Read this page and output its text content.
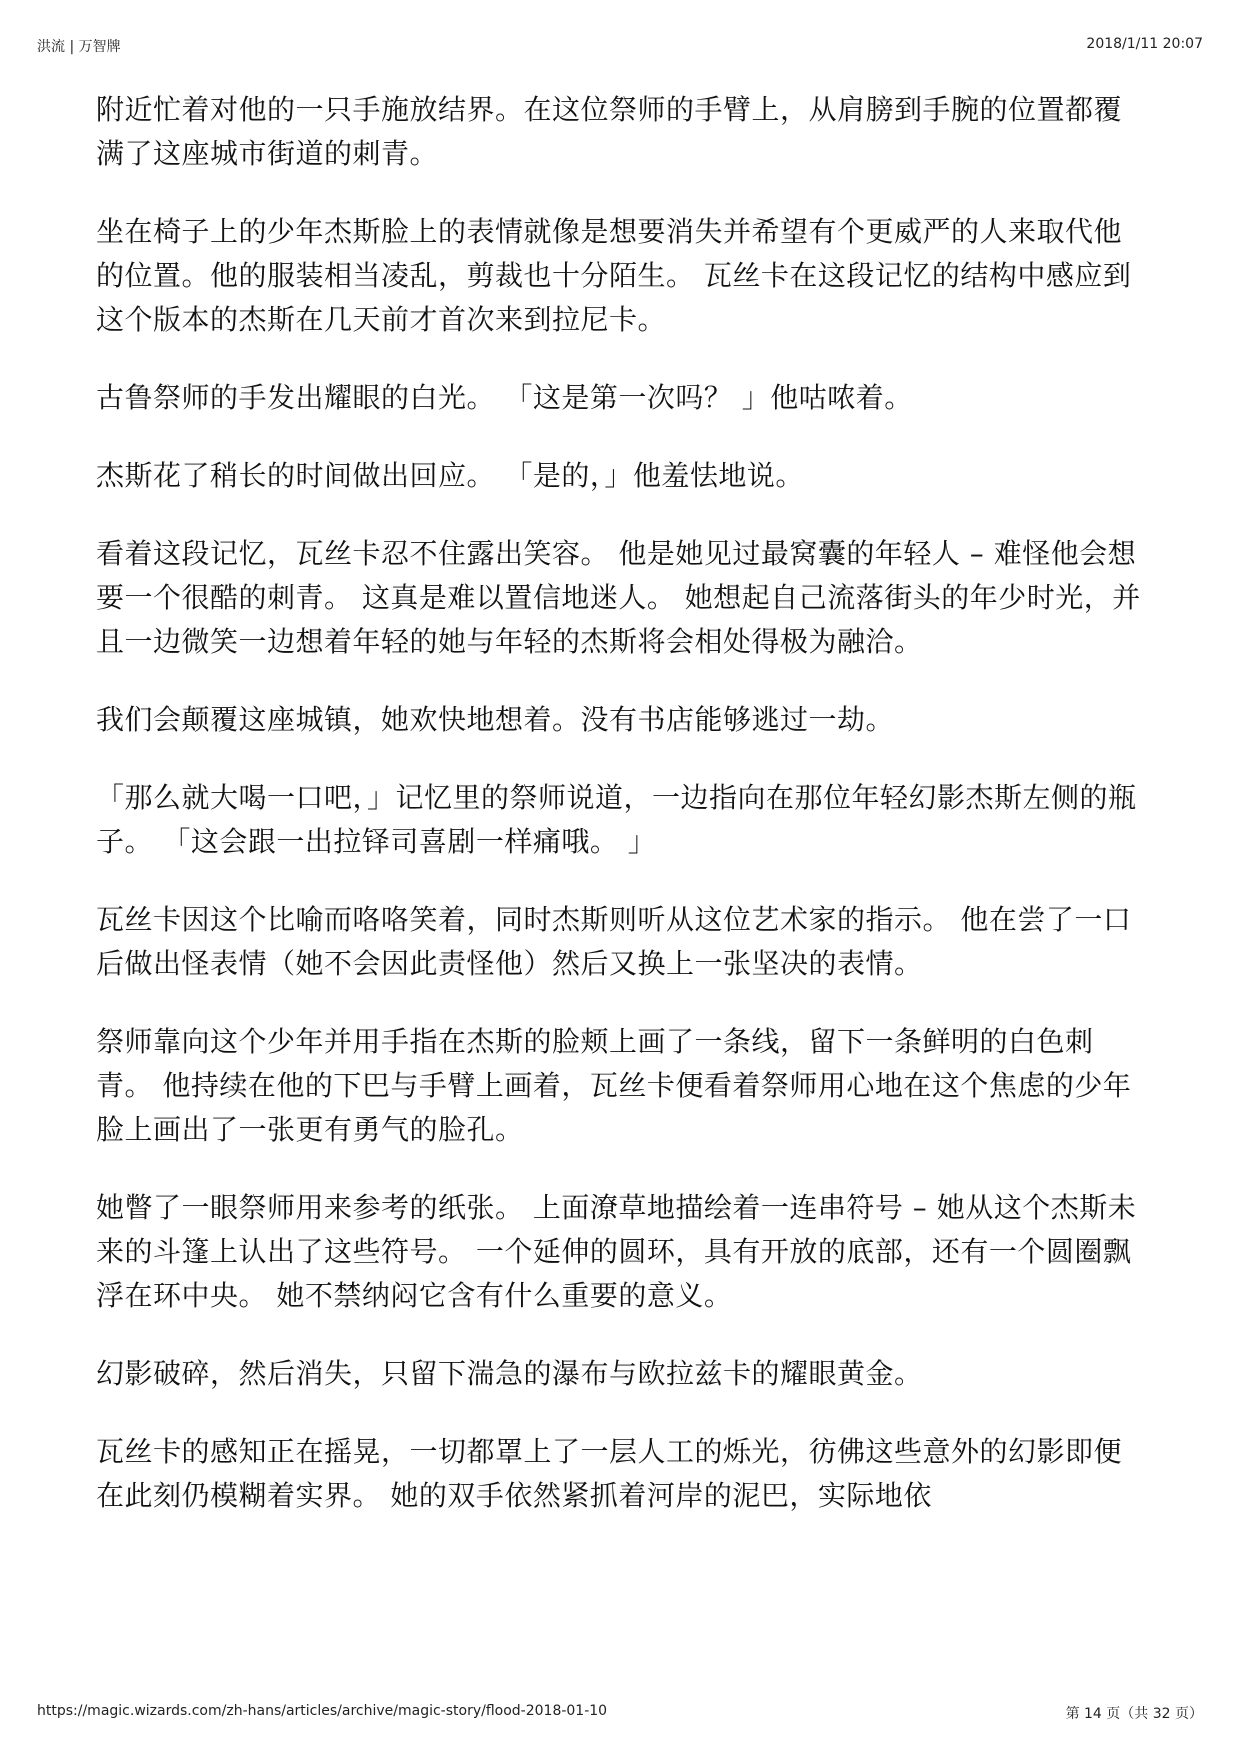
洪流 | 万智牌	2018/1/11 20:07

附近忙着对他的一只手施放结界。在这位祭师的手臂上，从肩膀到手腕的位置都覆满了这座城市街道的刺青。

坐在椅子上的少年杰斯脸上的表情就像是想要消失并希望有个更威严的人来取代他的位置。他的服装相当凌乱，剪裁也十分陌生。 瓦丝卡在这段记忆的结构中感应到这个版本的杰斯在几天前才首次来到拉尼卡。

古鲁祭师的手发出耀眼的白光。 「这是第一次吗？ 」他咕哝着。

杰斯花了稍长的时间做出回应。 「是的，」他羞怯地说。

看着这段记忆，瓦丝卡忍不住露出笑容。 他是她见过最窝囊的年轻人 – 难怪他会想要一个很酷的刺青。 这真是难以置信地迷人。 她想起自己流落街头的年少时光，并且一边微笑一边想着年轻的她与年轻的杰斯将会相处得极为融洽。

我们会颠覆这座城镇，她欢快地想着。没有书店能够逃过一劫。

「那么就大喝一口吧，」记忆里的祭师说道，一边指向在那位年轻幻影杰斯左侧的瓶子。 「这会跟一出拉铎司喜剧一样痛哦。 」

瓦丝卡因这个比喻而咯咯笑着，同时杰斯则听从这位艺术家的指示。 他在尝了一口后做出怪表情（她不会因此责怪他）然后又换上一张坚决的表情。

祭师靠向这个少年并用手指在杰斯的脸颊上画了一条线，留下一条鲜明的白色刺青。 他持续在他的下巴与手臂上画着，瓦丝卡便看着祭师用心地在这个焦虑的少年脸上画出了一张更有勇气的脸孔。

她瞥了一眼祭师用来参考的纸张。 上面潦草地描绘着一连串符号 – 她从这个杰斯未来的斗篷上认出了这些符号。 一个延伸的圆环，具有开放的底部，还有一个圆圈飘浮在环中央。 她不禁纳闷它含有什么重要的意义。

幻影破碎，然后消失，只留下湍急的瀑布与欧拉兹卡的耀眼黄金。

瓦丝卡的感知正在摇晃，一切都罩上了一层人工的烁光，彷佛这些意外的幻影即便在此刻仍模糊着实界。 她的双手依然紧抓着河岸的泥巴，实际地依

https://magic.wizards.com/zh-hans/articles/archive/magic-story/flood-2018-01-10	第 14 页（共 32 页）
